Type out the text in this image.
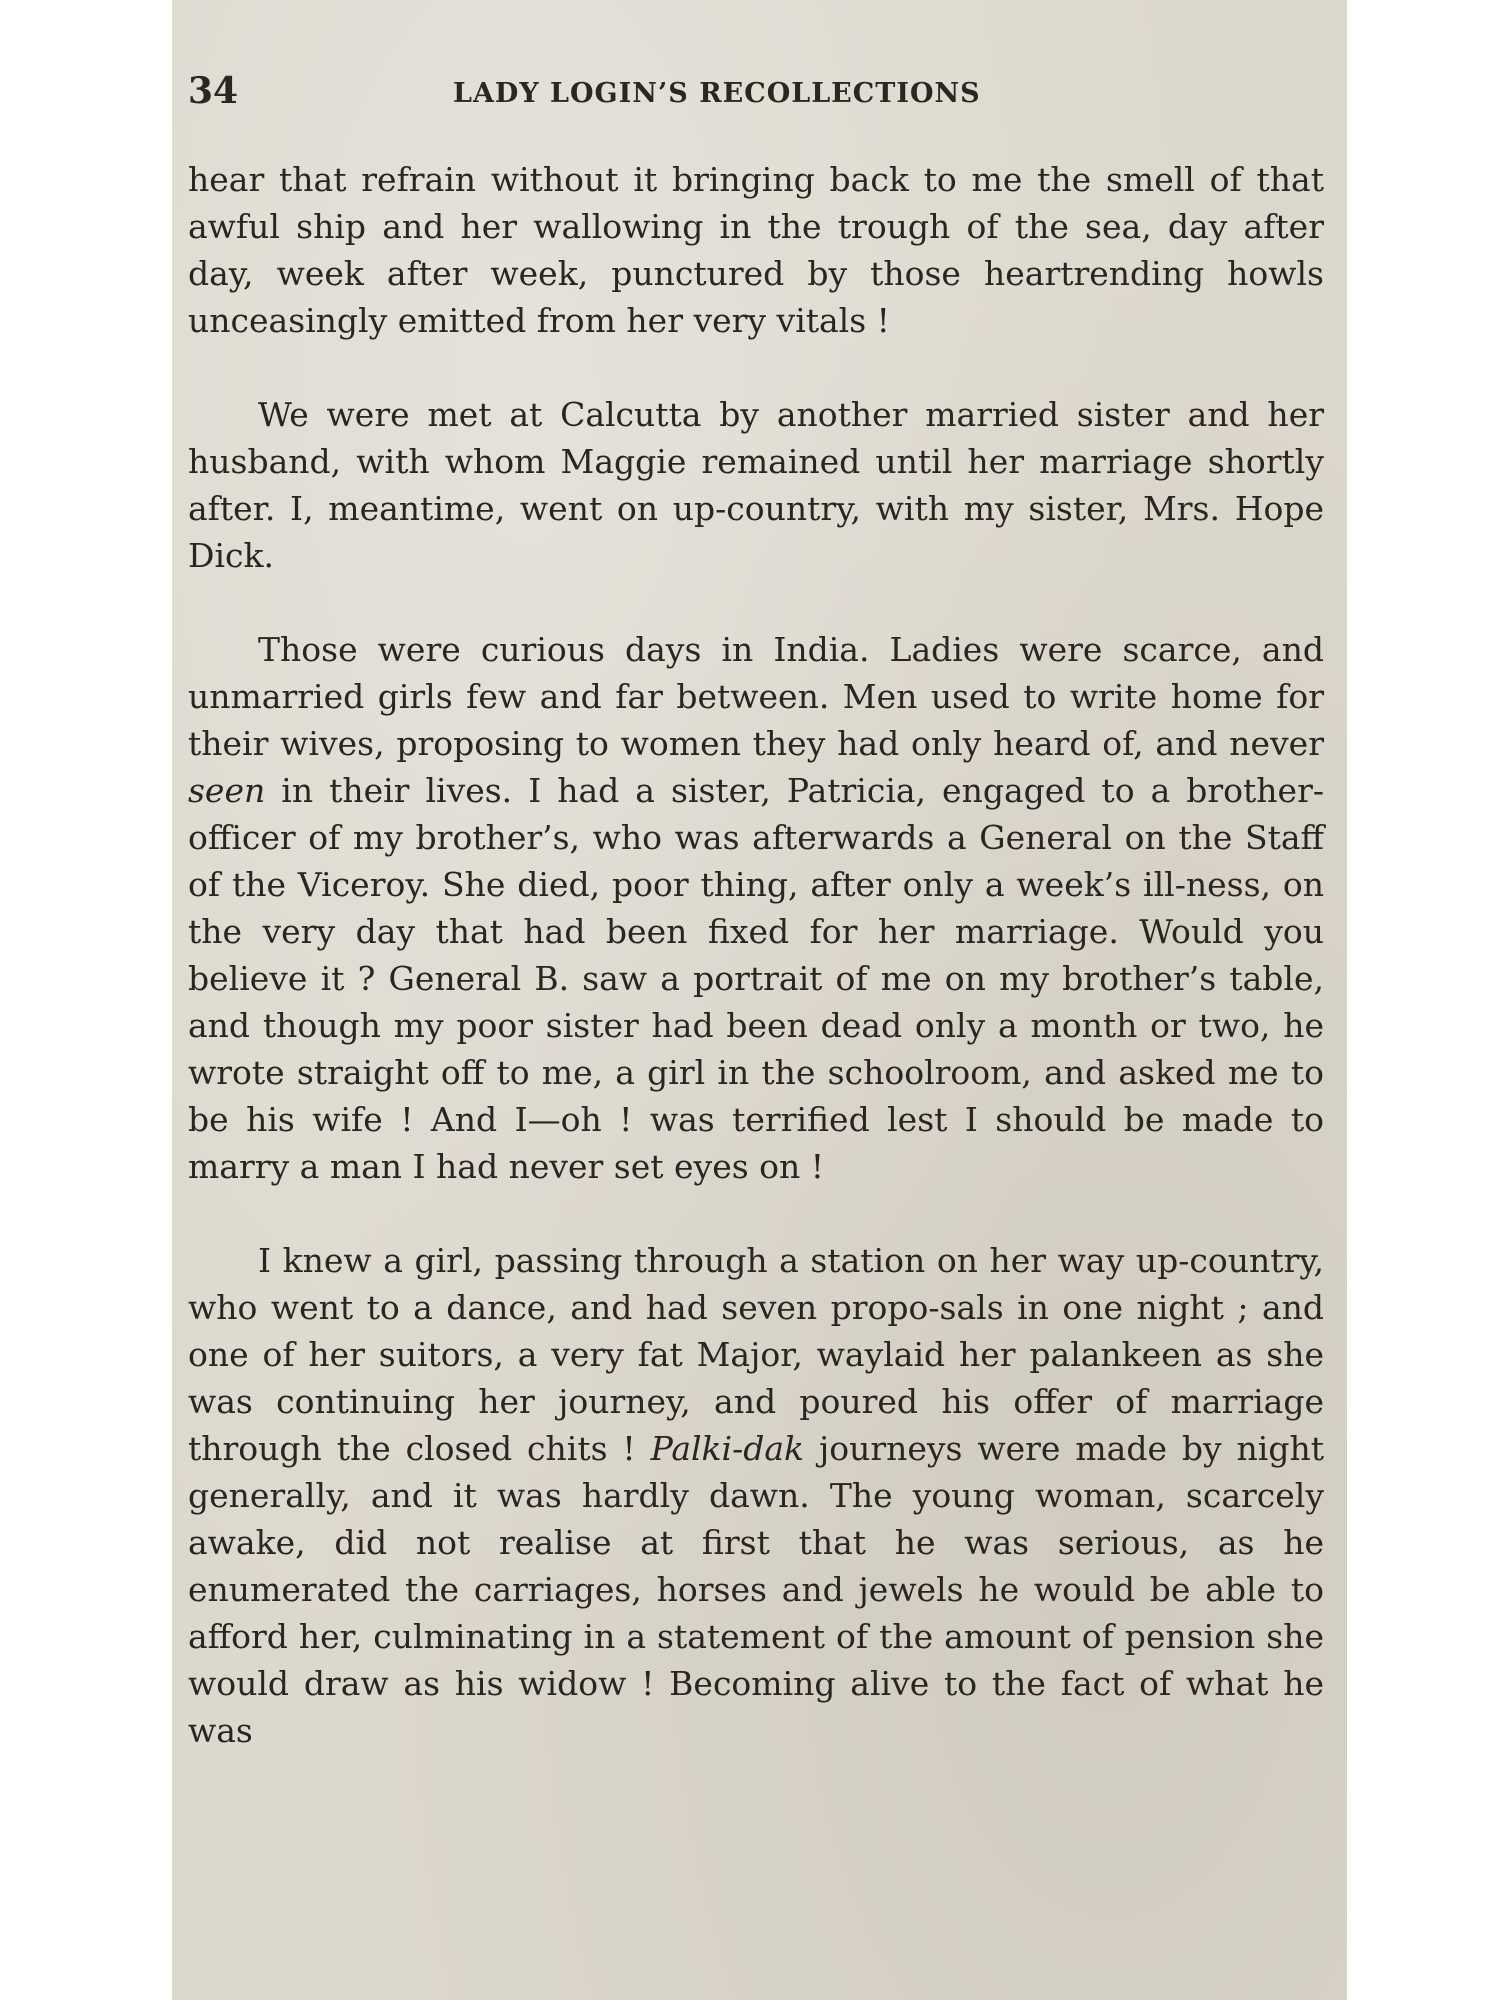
34	LADY LOGIN’S RECOLLECTIONS

hear that refrain without it bringing back to me the smell of that awful ship and her wallowing in the trough of the sea, day after day, week after week, punctured by those heartrending howls unceasingly emitted from her very vitals !

We were met at Calcutta by another married sister and her husband, with whom Maggie remained until her marriage shortly after. I, meantime, went on up-country, with my sister, Mrs. Hope Dick.

Those were curious days in India. Ladies were scarce, and unmarried girls few and far between. Men used to write home for their wives, proposing to women they had only heard of, and never seen in their lives. I had a sister, Patricia, engaged to a brother-officer of my brother’s, who was afterwards a General on the Staff of the Viceroy. She died, poor thing, after only a week’s ill-ness, on the very day that had been fixed for her marriage. Would you believe it ? General B. saw a portrait of me on my brother’s table, and though my poor sister had been dead only a month or two, he wrote straight off to me, a girl in the schoolroom, and asked me to be his wife ! And I—oh ! was terrified lest I should be made to marry a man I had never set eyes on !

I knew a girl, passing through a station on her way up-country, who went to a dance, and had seven propo-sals in one night ; and one of her suitors, a very fat Major, waylaid her palankeen as she was continuing her journey, and poured his offer of marriage through the closed chits ! Palki-dak journeys were made by night generally, and it was hardly dawn. The young woman, scarcely awake, did not realise at first that he was serious, as he enumerated the carriages, horses and jewels he would be able to afford her, culminating in a statement of the amount of pension she would draw as his widow ! Becoming alive to the fact of what he was
